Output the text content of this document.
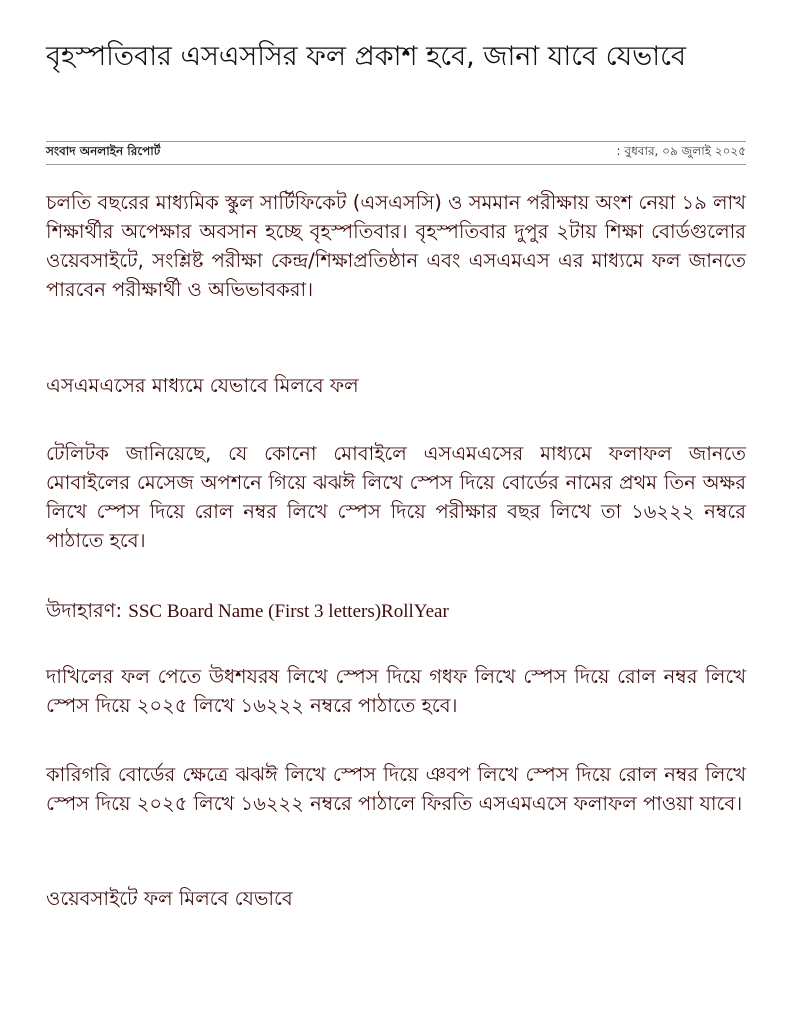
বৃহস্পতিবার এসএসসির ফল প্রকাশ হবে, জানা যাবে যেভাবে
সংবাদ অনলাইন রিপোর্ট	: বুধবার, ০৯ জুলাই ২০২৫

চলতি বছরের মাধ্যমিক স্কুল সার্টিফিকেট (এসএসসি) ও সমমান পরীক্ষায় অংশ নেয়া ১৯ লাখ শিক্ষার্থীর অপেক্ষার অবসান হচ্ছে বৃহস্পতিবার। বৃহস্পতিবার দুপুর ২টায় শিক্ষা বোর্ডগুলোর ওয়েবসাইটে, সংশ্লিষ্ট পরীক্ষা কেন্দ্র/শিক্ষাপ্রতিষ্ঠান এবং এসএমএস এর মাধ্যমে ফল জানতে পারবেন পরীক্ষার্থী ও অভিভাবকরা।

এসএমএসের মাধ্যমে যেভাবে মিলবে ফল

টেলিটক জানিয়েছে, যে কোনো মোবাইলে এসএমএসের মাধ্যমে ফলাফল জানতে মোবাইলের মেসেজ অপশনে গিয়ে ঝঝঈ লিখে স্পেস দিয়ে বোর্ডের নামের প্রথম তিন অক্ষর লিখে স্পেস দিয়ে রোল নম্বর লিখে স্পেস দিয়ে পরীক্ষার বছর লিখে তা ১৬২২২ নম্বরে পাঠাতে হবে।

উদাহারণ: SSC Board Name (First 3 letters)RollYear

দাখিলের ফল পেতে উধশযরষ লিখে স্পেস দিয়ে গধফ লিখে স্পেস দিয়ে রোল নম্বর লিখে স্পেস দিয়ে ২০২৫ লিখে ১৬২২২ নম্বরে পাঠাতে হবে।

কারিগরি বোর্ডের ক্ষেত্রে ঝঝঈ লিখে স্পেস দিয়ে ঞবপ লিখে স্পেস দিয়ে রোল নম্বর লিখে স্পেস দিয়ে ২০২৫ লিখে ১৬২২২ নম্বরে পাঠালে ফিরতি এসএমএসে ফলাফল পাওয়া যাবে।

ওয়েবসাইটে ফল মিলবে যেভাবে
